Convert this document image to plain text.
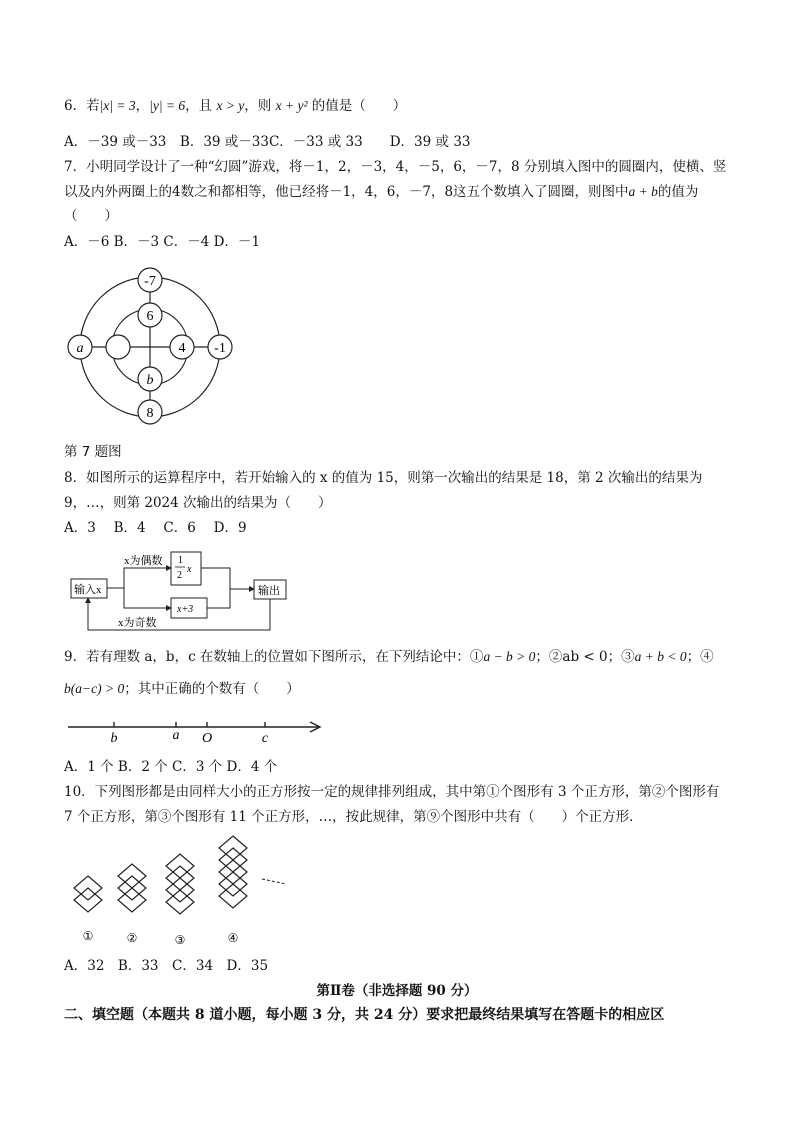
6．若|x| = 3，|y| = 6，且 x > y，则 x + y² 的值是（　　）
A．－39 或－33　B．39 或－33C．－33 或 33　　D．39 或 33
7．小明同学设计了一种“幻圆”游戏，将－1，2，－3，4，－5，6，－7，8 分别填入图中的圆圈内，使横、竖
以及内外两圈上的4数之和都相等，他已经将－1，4，6，－7，8这五个数填入了圆圈，则图中a + b的值为
（　　）
A．－6 B．－3 C．－4 D．－1
-7
6
a	4 -1
b
8
第 7 题图
8．如图所示的运算程序中，若开始输入的 x 的值为 15，则第一次输出的结果是 18，第 2 次输出的结果为
9，…，则第 2024 次输出的结果为（　　）
A．3　 B．4　 C．6　 D．9
输入x
x为偶数
x为奇数
输出
1
2
x
x+3
9．若有理数 a，b，c 在数轴上的位置如下图所示，在下列结论中：①a − b > 0；②ab < 0；③a + b < 0；④
b(a−c) > 0；其中正确的个数有（　　）
b	a O	c
A．1 个 B．2 个 C．3 个 D．4 个
10．下列图形都是由同样大小的正方形按一定的规律排列组成，其中第①个图形有 3 个正方形，第②个图形有
7 个正方形，第③个图形有 11 个正方形，…，按此规律，第⑨个图形中共有（　　）个正方形．
①	②	③	④
A．32　B．33　C．34　D．35
第Ⅱ卷（非选择题 90 分）
二、填空题（本题共 8 道小题，每小题 3 分，共 24 分）要求把最终结果填写在答题卡的相应区
